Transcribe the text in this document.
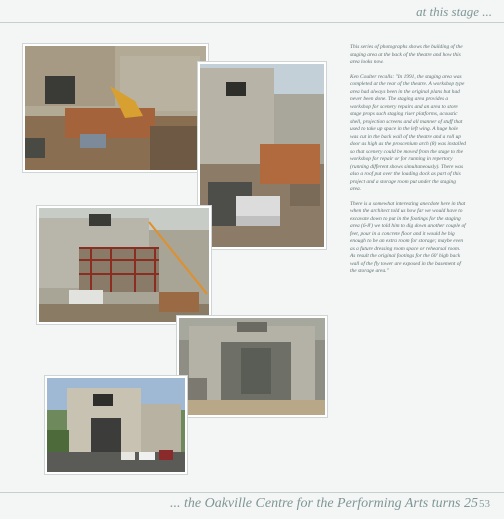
at this stage ...

This series of photographs shows the building of the staging area at the back of the theatre and how this area looks now.

Ken Coulter recalls: "In 1991, the staging area was completed at the rear of the theatre. A workshop type area had always been in the original plans but had never been done. The staging area provides a workshop for scenery repairs and an area to store stage props such staging riser platforms, acoustic shell, projection screens and all manner of stuff that used to take up space in the left wing. A huge hole was cut in the back wall of the theatre and a roll up door as high as the proscenium arch (8) was installed so that scenery could be moved from the stage to the workshop for repair or for running in repertory (running different shows simultaneously). There was also a roof put over the loading dock as part of this project and a storage room put under the staging area.

There is a somewhat interesting anecdote here in that when the architect told us how far we would have to excavate down to put in the footings for the staging area (6-8') we told him to dig down another couple of feet, pour in a concrete floor and it would be big enough to be an extra room for storage; maybe even as a future dressing room space or rehearsal room. As result the original footings for the 60' high back wall of the fly tower are exposed in the basement of the storage area."

... the Oakville Centre for the Performing Arts turns 25 53
